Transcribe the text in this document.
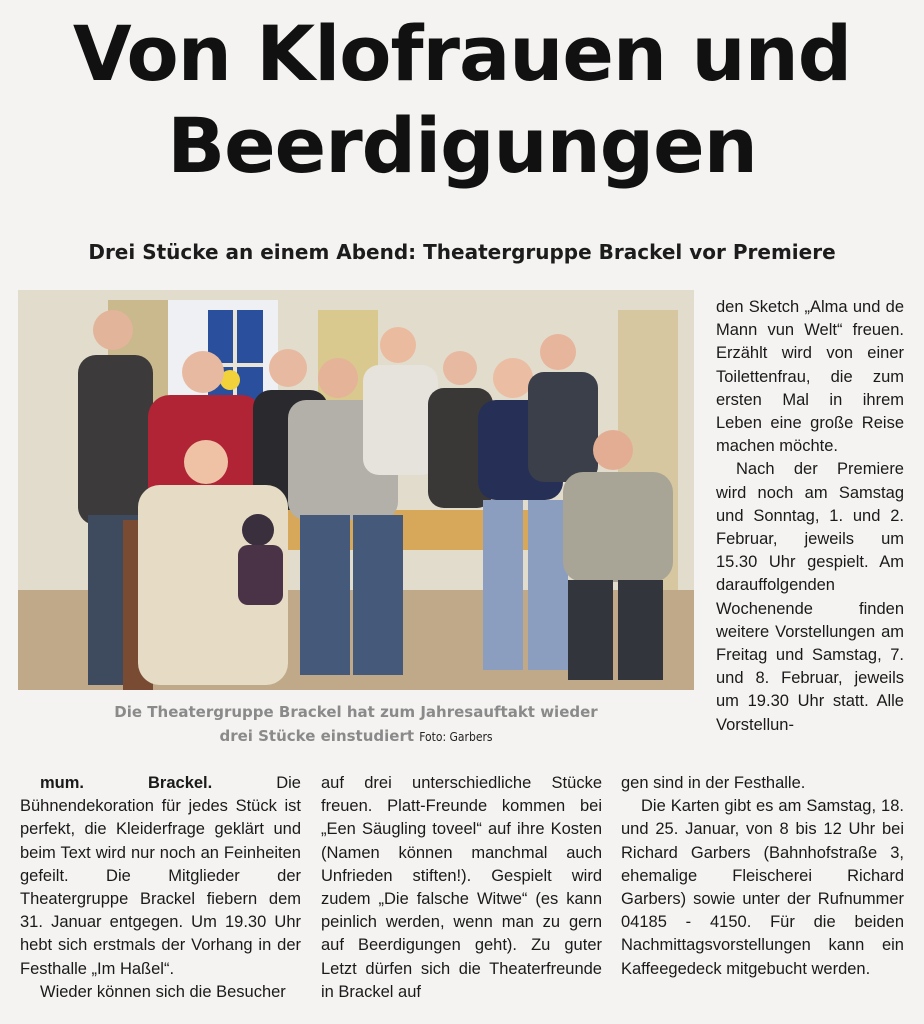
Von Klofrauen und
Beerdigungen
Drei Stücke an einem Abend: Theatergruppe Brackel vor Premiere
Die Theatergruppe Brackel hat zum Jahresauftakt wieder
drei Stücke einstudiert Foto: Garbers

den Sketch „Alma und de Mann vun Welt“ freuen. Erzählt wird von einer Toilettenfrau, die zum ersten Mal in ihrem Leben eine große Reise machen möchte.

Nach der Premiere wird noch am Samstag und Sonntag, 1. und 2. Februar, jeweils um 15.30 Uhr gespielt. Am darauffolgenden Wochenende finden weitere Vorstellungen am Freitag und Samstag, 7. und 8. Februar, jeweils um 19.30 Uhr statt. Alle Vorstellun-

mum. Brackel.	Die Bühnendekoration für jedes Stück ist perfekt, die Kleiderfrage geklärt und beim Text wird nur noch an Feinheiten gefeilt. Die Mitglieder der Theatergruppe Brackel fiebern dem 31. Januar entgegen. Um 19.30 Uhr hebt sich erstmals der Vorhang in der Festhalle „Im Haßel“.

Wieder können sich die Besucher

auf drei unterschiedliche Stücke freuen. Platt-Freunde kommen bei „Een Säugling toveel“ auf ihre Kosten (Namen können manchmal auch Unfrieden stiften!). Gespielt wird zudem „Die falsche Witwe“ (es kann peinlich werden, wenn man zu gern auf Beerdigungen geht). Zu guter Letzt dürfen sich die Theaterfreunde in Brackel auf

gen sind in der Festhalle.

Die Karten gibt es am Samstag, 18. und 25. Januar, von 8 bis 12 Uhr bei Richard Garbers (Bahnhofstraße 3, ehemalige Fleischerei Richard Garbers) sowie unter der Rufnummer 04185 - 4150. Für die beiden Nachmittagsvorstellungen kann ein Kaffeegedeck mitgebucht werden.
